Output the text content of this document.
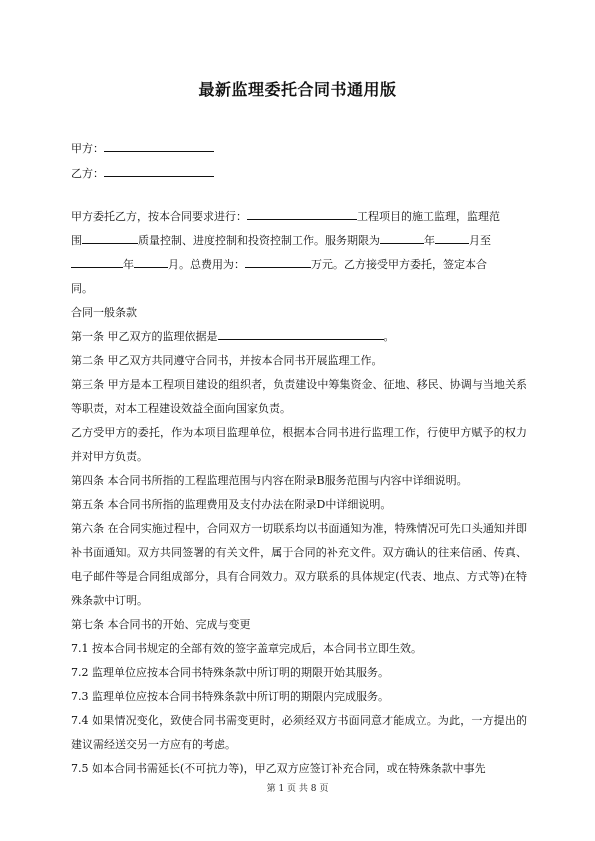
最新监理委托合同书通用版
甲方：
乙方：
甲方委托乙方，按本合同要求进行：	工程项目的施工监理，监理范
围	质量控制、进度控制和投资控制工作。服务期限为	年	月至
年	月。总费用为：	万元。乙方接受甲方委托，签定本合
同。
合同一般条款
第一条 甲乙双方的监理依据是	。
第二条 甲乙双方共同遵守合同书，并按本合同书开展监理工作。
第三条 甲方是本工程项目建设的组织者，负责建设中筹集资金、征地、移民、协调与当地关系等职责，对本工程建设效益全面向国家负责。
乙方受甲方的委托，作为本项目监理单位，根据本合同书进行监理工作，行使甲方赋予的权力并对甲方负责。
第四条 本合同书所指的工程监理范围与内容在附录B服务范围与内容中详细说明。
第五条 本合同书所指的监理费用及支付办法在附录D中详细说明。
第六条 在合同实施过程中，合同双方一切联系均以书面通知为准，特殊情况可先口头通知并即补书面通知。双方共同签署的有关文件，属于合同的补充文件。双方确认的往来信函、传真、电子邮件等是合同组成部分，具有合同效力。双方联系的具体规定(代表、地点、方式等)在特殊条款中订明。
第七条 本合同书的开始、完成与变更
7.1 按本合同书规定的全部有效的签字盖章完成后，本合同书立即生效。
7.2 监理单位应按本合同书特殊条款中所订明的期限开始其服务。
7.3 监理单位应按本合同书特殊条款中所订明的期限内完成服务。
7.4 如果情况变化，致使合同书需变更时，必须经双方书面同意才能成立。为此，一方提出的建议需经送交另一方应有的考虑。
7.5 如本合同书需延长(不可抗力等)，甲乙双方应签订补充合同，或在特殊条款中事先
第 1 页 共 8 页
